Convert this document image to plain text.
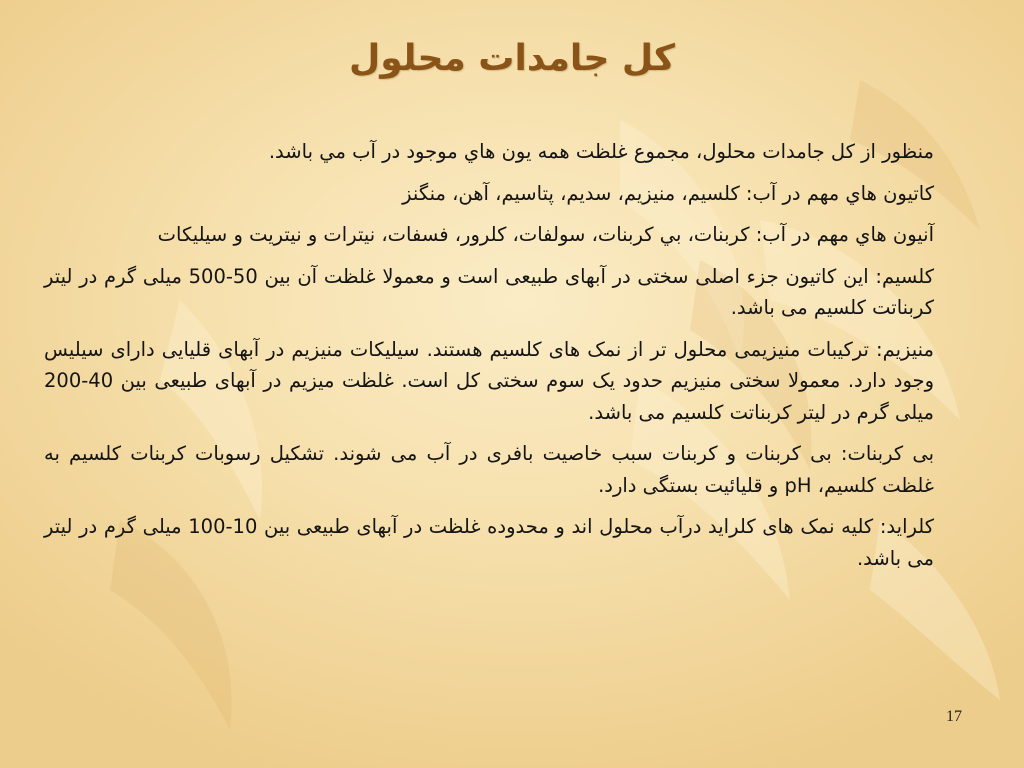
کل جامدات محلول

منظور از کل جامدات محلول، مجموع غلظت همه يون هاي موجود در آب مي باشد.

کاتيون هاي مهم در آب: کلسيم، منيزيم، سديم، پتاسيم، آهن، منگنز

آنيون هاي مهم در آب: کربنات، بي کربنات، سولفات، کلرور، فسفات، نيترات و نيتريت و سيليکات

کلسیم: این کاتیون جزء اصلی سختی در آبهای طبیعی است و معمولا غلظت آن بین 50-500 میلی گرم در لیتر کربناتت کلسیم می باشد.

منیزیم: ترکیبات منیزیمی محلول تر از نمک های کلسیم هستند. سیلیکات منیزیم در آبهای قلیایی دارای سیلیس وجود دارد. معمولا سختی منیزیم حدود یک سوم سختی کل است. غلظت میزیم در آبهای طبیعی بین 40-200 میلی گرم در لیتر کربناتت کلسیم می باشد.

بی کربنات: بی کربنات و کربنات سبب خاصیت بافری در آب می شوند. تشکیل رسوبات کربنات کلسیم به غلظت کلسیم، pH و قلیائیت بستگی دارد.

کلراید: کلیه نمک های کلراید درآب محلول اند و محدوده غلظت در آبهای طبیعی بین 10-100 میلی گرم در لیتر می باشد.

17
